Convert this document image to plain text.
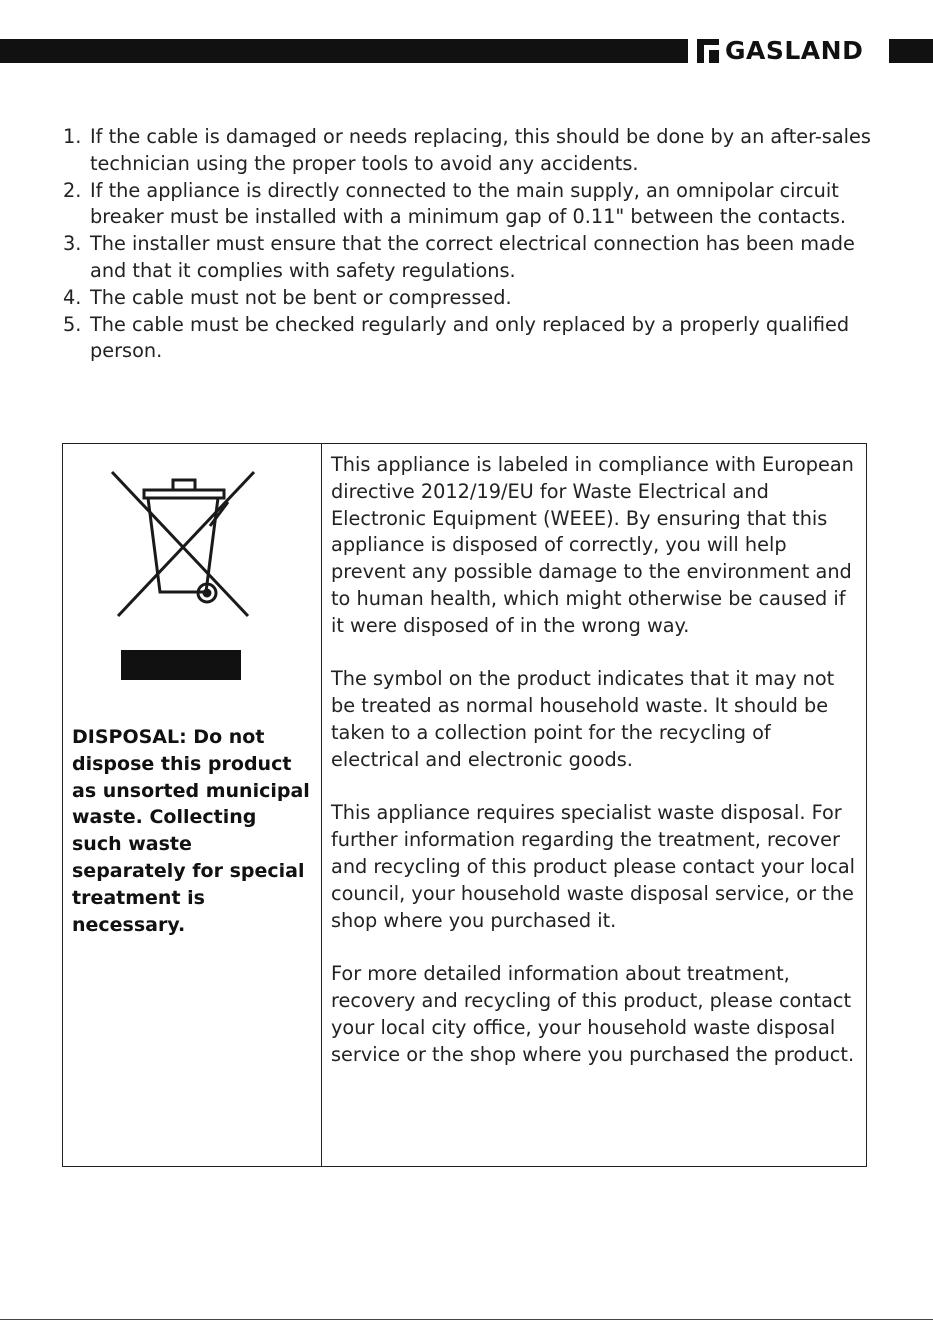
GASLAND
1. If the cable is damaged or needs replacing, this should be done by an after-sales technician using the proper tools to avoid any accidents.
2. If the appliance is directly connected to the main supply, an omnipolar circuit breaker must be installed with a minimum gap of 0.11" between the contacts.
3. The installer must ensure that the correct electrical connection has been made and that it complies with safety regulations.
4. The cable must not be bent or compressed.
5. The cable must be checked regularly and only replaced by a properly qualified person.

DISPOSAL: Do not dispose this product as unsorted municipal waste. Collecting such waste separately for special treatment is necessary.

This appliance is labeled in compliance with European directive 2012/19/EU for Waste Electrical and Electronic Equipment (WEEE). By ensuring that this appliance is disposed of correctly, you will help prevent any possible damage to the environment and to human health, which might otherwise be caused if it were disposed of in the wrong way.

The symbol on the product indicates that it may not be treated as normal household waste. It should be taken to a collection point for the recycling of electrical and electronic goods.

This appliance requires specialist waste disposal. For further information regarding the treatment, recover and recycling of this product please contact your local council, your household waste disposal service, or the shop where you purchased it.

For more detailed information about treatment, recovery and recycling of this product, please contact your local city office, your household waste disposal service or the shop where you purchased the product.
